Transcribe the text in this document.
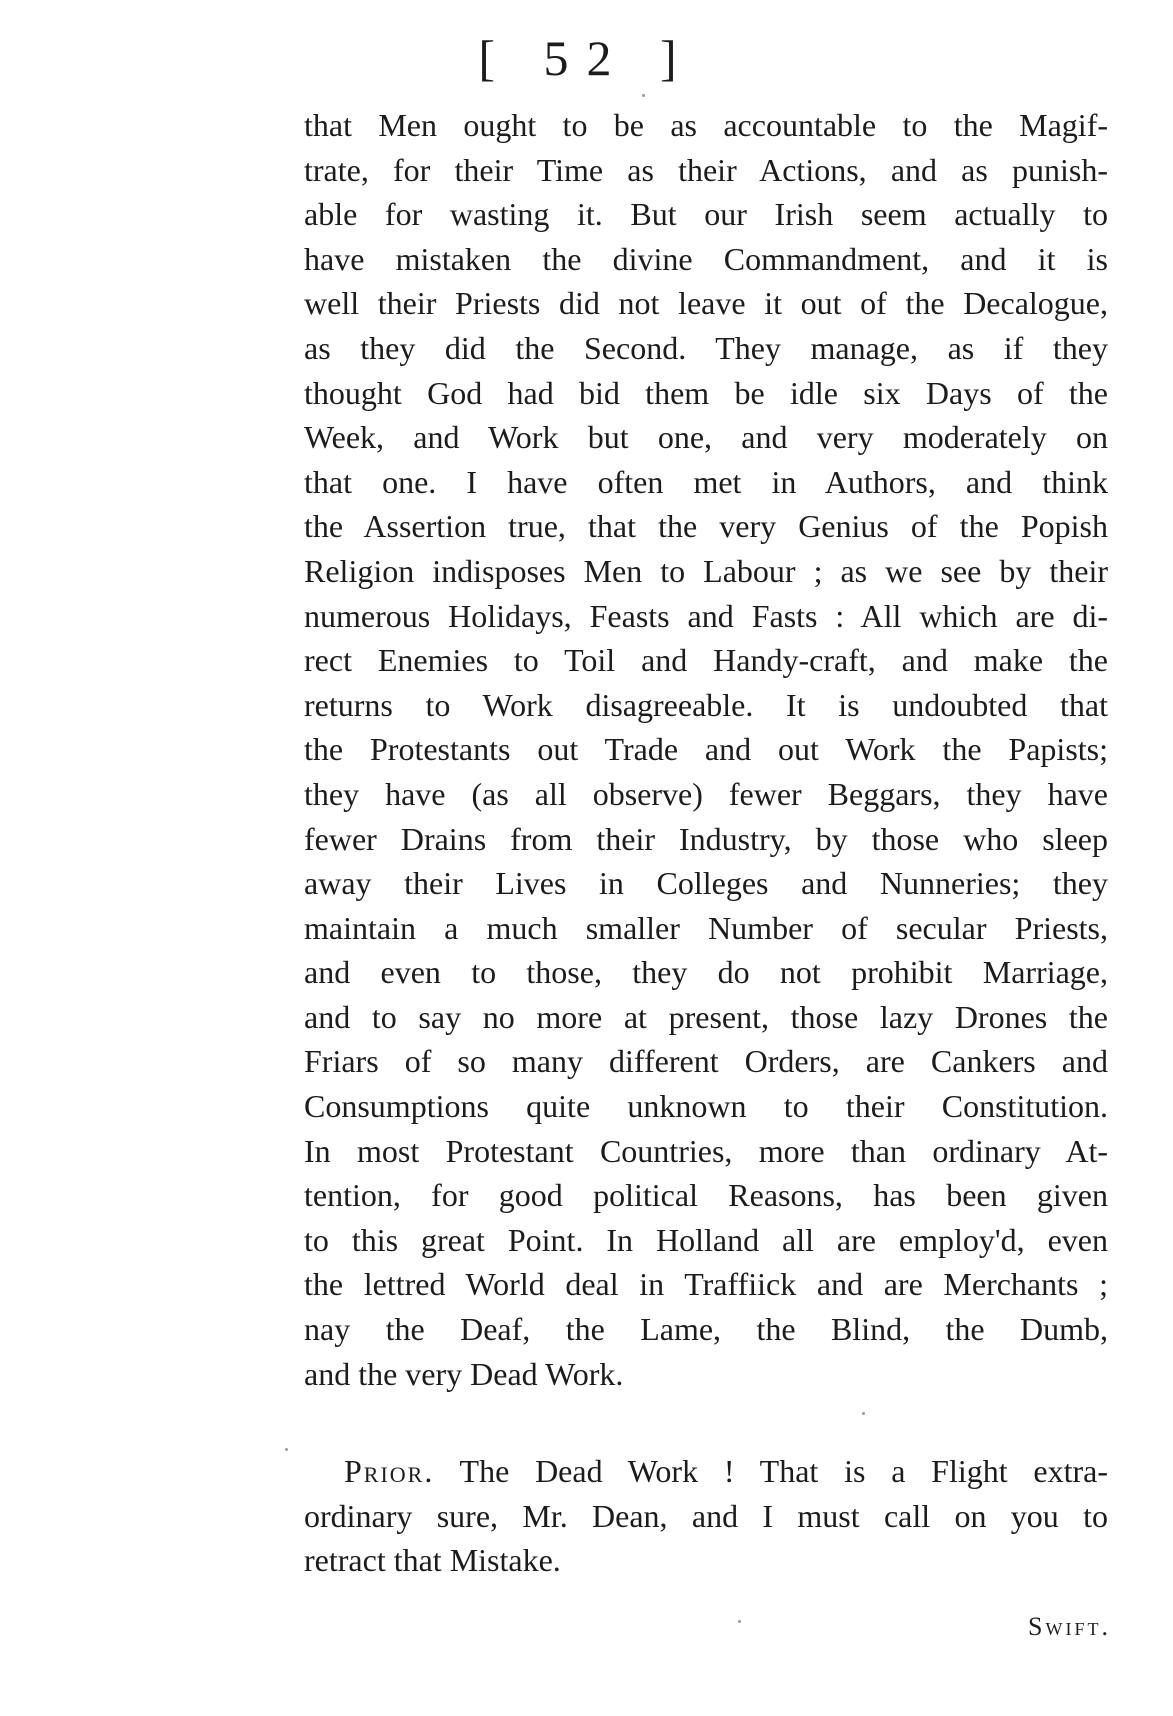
[ 52 ]
that Men ought to be as accountable to the Magif-
trate, for their Time as their Actions, and as punish-
able for wasting it. But our Irish seem actually to
have mistaken the divine Commandment, and it is
well their Priests did not leave it out of the Decalogue,
as they did the Second. They manage, as if they
thought God had bid them be idle six Days of the
Week, and Work but one, and very moderately on
that one. I have often met in Authors, and think
the Assertion true, that the very Genius of the Popish
Religion indisposes Men to Labour ; as we see by their
numerous Holidays, Feasts and Fasts : All which are di-
rect Enemies to Toil and Handy-craft, and make the
returns to Work disagreeable. It is undoubted that
the Protestants out Trade and out Work the Papists;
they have (as all observe) fewer Beggars, they have
fewer Drains from their Industry, by those who sleep
away their Lives in Colleges and Nunneries; they
maintain a much smaller Number of secular Priests,
and even to those, they do not prohibit Marriage,
and to say no more at present, those lazy Drones the
Friars of so many different Orders, are Cankers and
Consumptions quite unknown to their Constitution.
In most Protestant Countries, more than ordinary At-
tention, for good political Reasons, has been given
to this great Point. In Holland all are employ'd, even
the lettred World deal in Traffiick and are Merchants ;
nay the Deaf, the Lame, the Blind, the Dumb,
and the very Dead Work.
Prior. The Dead Work ! That is a Flight extra-
ordinary sure, Mr. Dean, and I must call on you to
retract that Mistake.
Swift.
